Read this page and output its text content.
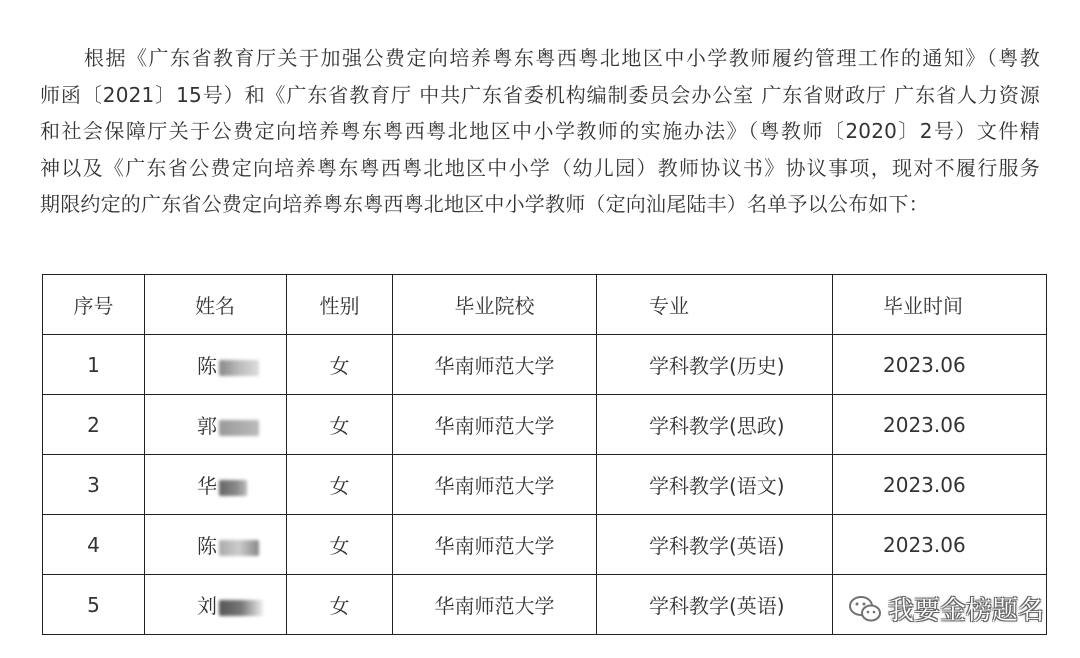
根据《广东省教育厅关于加强公费定向培养粤东粤西粤北地区中小学教师履约管理工作的通知》（粤教
师函〔2021〕15号）和《广东省教育厅 中共广东省委机构编制委员会办公室 广东省财政厅 广东省人力资源
和社会保障厅关于公费定向培养粤东粤西粤北地区中小学教师的实施办法》（粤教师〔2020〕2号）文件精
神以及《广东省公费定向培养粤东粤西粤北地区中小学（幼儿园）教师协议书》协议事项，现对不履行服务
期限约定的广东省公费定向培养粤东粤西粤北地区中小学教师（定向汕尾陆丰）名单予以公布如下：
序号	姓名	性别	毕业院校	专业	毕业时间
1	陈	女	华南师范大学	学科教学(历史)	2023.06
2	郭	女	华南师范大学	学科教学(思政)	2023.06
3	华	女	华南师范大学	学科教学(语文)	2023.06
4	陈	女	华南师范大学	学科教学(英语)	2023.06
5	刘	女	华南师范大学	学科教学(英语)		我要金榜题名
